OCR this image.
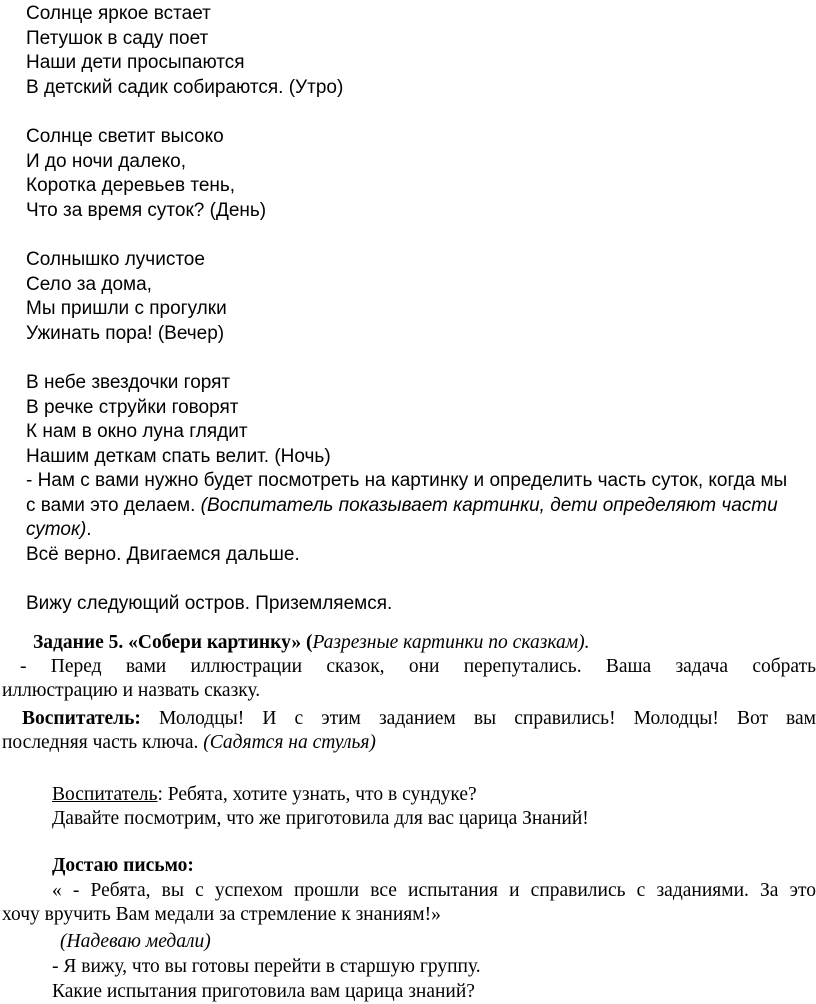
Солнце яркое встает
Петушок в саду поет
Наши дети просыпаются
В детский садик собираются. (Утро)
Солнце светит высоко
И до ночи далеко,
Коротка деревьев тень,
Что за время суток? (День)
Солнышко лучистое
Село за дома,
Мы пришли с прогулки
Ужинать пора! (Вечер)
В небе звездочки горят
В речке струйки говорят
К нам в окно луна глядит
Нашим деткам спать велит. (Ночь)
- Нам с вами нужно будет посмотреть на картинку и определить часть суток, когда мы
с вами это делаем. (Воспитатель показывает картинки, дети определяют части
суток).
Всё верно. Двигаемся дальше.
Вижу следующий остров. Приземляемся.
Задание 5. «Собери картинку» (Разрезные картинки по сказкам).
- Перед вами иллюстрации сказок, они перепутались. Ваша задача собрать
иллюстрацию и назвать сказку.
Воспитатель: Молодцы! И с этим заданием вы справились! Молодцы! Вот вам
последняя часть ключа. (Садятся на стулья)
Воспитатель: Ребята, хотите узнать, что в сундуке?
Давайте посмотрим, что же приготовила для вас царица Знаний!
Достаю письмо:
« - Ребята, вы с успехом прошли все испытания и справились с заданиями. За это
хочу вручить Вам медали за стремление к знаниям!»
(Надеваю медали)
- Я вижу, что вы готовы перейти в старшую группу.
Какие испытания приготовила вам царица знаний?
